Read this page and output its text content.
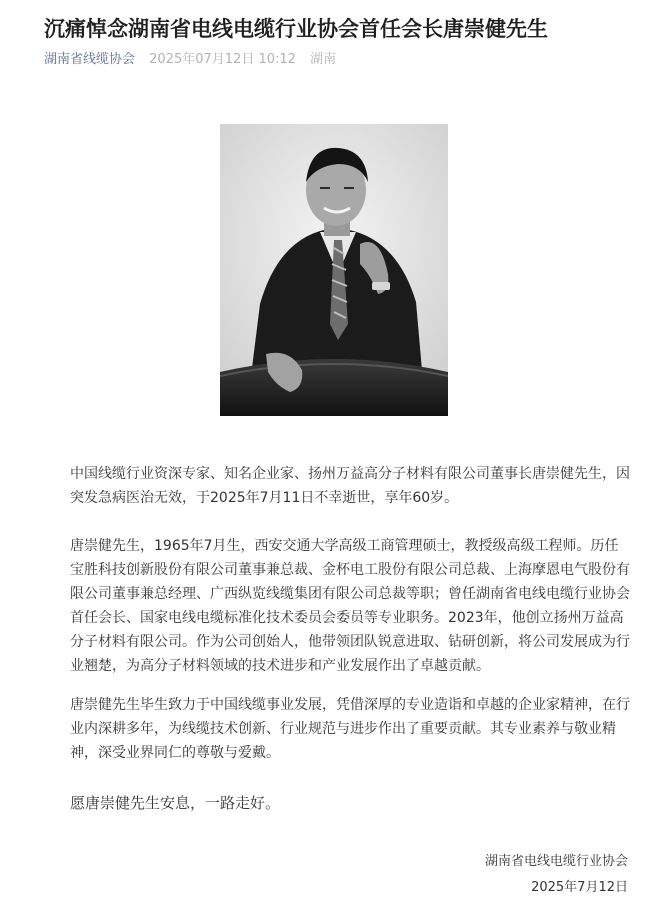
沉痛悼念湖南省电线电缆行业协会首任会长唐崇健先生
湖南省线缆协会 2025年07月12日 10:12 湖南
中国线缆行业资深专家、知名企业家、扬州万益高分子材料有限公司董事长唐崇健先生，因突发急病医治无效，于2025年7月11日不幸逝世，享年60岁。
唐崇健先生，1965年7月生，西安交通大学高级工商管理硕士，教授级高级工程师。历任宝胜科技创新股份有限公司董事兼总裁、金杯电工股份有限公司总裁、上海摩恩电气股份有限公司董事兼总经理、广西纵览线缆集团有限公司总裁等职；曾任湖南省电线电缆行业协会首任会长、国家电线电缆标准化技术委员会委员等专业职务。2023年，他创立扬州万益高分子材料有限公司。作为公司创始人，他带领团队锐意进取、钻研创新，将公司发展成为行业翘楚，为高分子材料领域的技术进步和产业发展作出了卓越贡献。
唐崇健先生毕生致力于中国线缆事业发展，凭借深厚的专业造诣和卓越的企业家精神，在行业内深耕多年，为线缆技术创新、行业规范与进步作出了重要贡献。其专业素养与敬业精神，深受业界同仁的尊敬与爱戴。
愿唐崇健先生安息，一路走好。
湖南省电线电缆行业协会
2025年7月12日
